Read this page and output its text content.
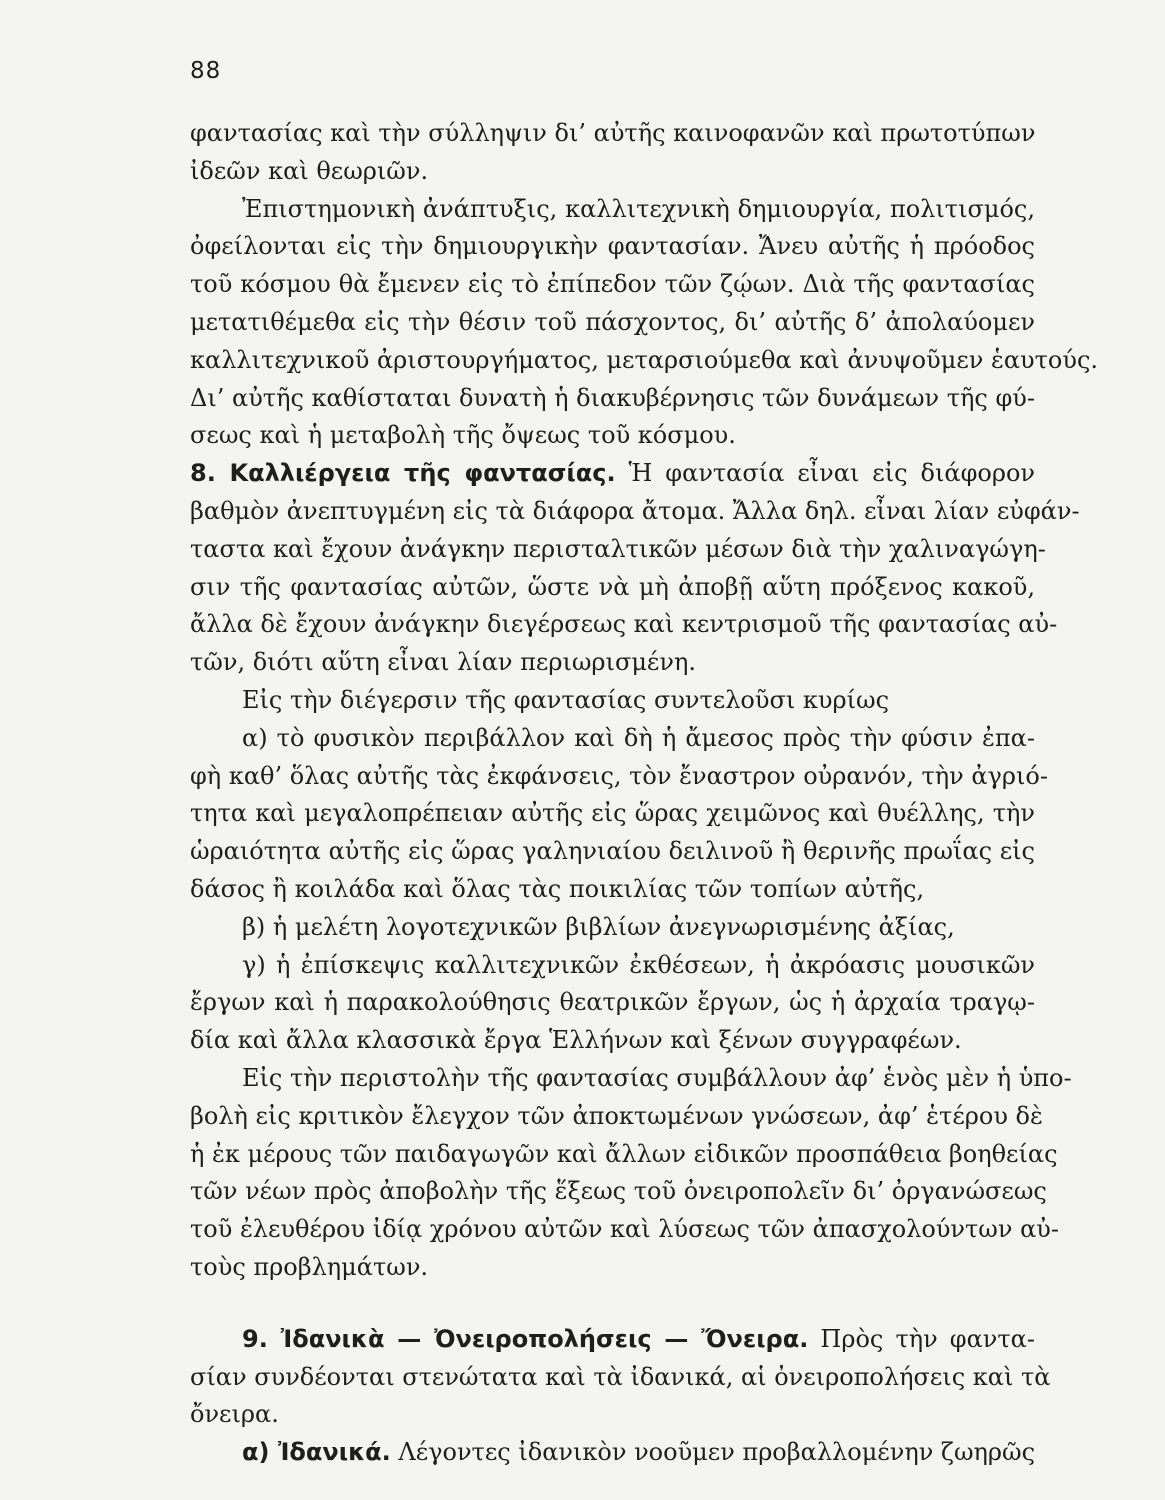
88
φαντασίας καὶ τὴν σύλληψιν δι’ αὐτῆς καινοφανῶν καὶ πρωτοτύπων
ἰδεῶν καὶ θεωριῶν.
Ἐπιστημονικὴ ἀνάπτυξις, καλλιτεχνικὴ δημιουργία, πολιτισμός,
ὀφείλονται εἰς τὴν δημιουργικὴν φαντασίαν. Ἄνευ αὐτῆς ἡ πρόοδος
τοῦ κόσμου θὰ ἔμενεν εἰς τὸ ἐπίπεδον τῶν ζῴων. Διὰ τῆς φαντασίας
μετατιθέμεθα εἰς τὴν θέσιν τοῦ πάσχοντος, δι’ αὐτῆς δ’ ἀπολαύομεν
καλλιτεχνικοῦ ἀριστουργήματος, μεταρσιούμεθα καὶ ἀνυψοῦμεν ἑαυτούς.
Δι’ αὐτῆς καθίσταται δυνατὴ ἡ διακυβέρνησις τῶν δυνάμεων τῆς φύ-
σεως καὶ ἡ μεταβολὴ τῆς ὄψεως τοῦ κόσμου.
8. Καλλιέργεια τῆς φαντασίας. Ἡ φαντασία εἶναι εἰς διάφορον
βαθμὸν ἀνεπτυγμένη εἰς τὰ διάφορα ἄτομα. Ἄλλα δηλ. εἶναι λίαν εὐφάν-
ταστα καὶ ἔχουν ἀνάγκην περισταλτικῶν μέσων διὰ τὴν χαλιναγώγη-
σιν τῆς φαντασίας αὐτῶν, ὥστε νὰ μὴ ἀποβῇ αὕτη πρόξενος κακοῦ,
ἄλλα δὲ ἔχουν ἀνάγκην διεγέρσεως καὶ κεντρισμοῦ τῆς φαντασίας αὐ-
τῶν, διότι αὕτη εἶναι λίαν περιωρισμένη.
Εἰς τὴν διέγερσιν τῆς φαντασίας συντελοῦσι κυρίως
α) τὸ φυσικὸν περιβάλλον καὶ δὴ ἡ ἄμεσος πρὸς τὴν φύσιν ἐπα-
φὴ καθ’ ὅλας αὐτῆς τὰς ἐκφάνσεις, τὸν ἔναστρον οὐρανόν, τὴν ἀγριό-
τητα καὶ μεγαλοπρέπειαν αὐτῆς εἰς ὥρας χειμῶνος καὶ θυέλλης, τὴν
ὡραιότητα αὐτῆς εἰς ὥρας γαληνιαίου δειλινοῦ ἢ θερινῆς πρωΐας εἰς
δάσος ἢ κοιλάδα καὶ ὅλας τὰς ποικιλίας τῶν τοπίων αὐτῆς,
β) ἡ μελέτη λογοτεχνικῶν βιβλίων ἀνεγνωρισμένης ἀξίας,
γ) ἡ ἐπίσκεψις καλλιτεχνικῶν ἐκθέσεων, ἡ ἀκρόασις μουσικῶν
ἔργων καὶ ἡ παρακολούθησις θεατρικῶν ἔργων, ὡς ἡ ἀρχαία τραγῳ-
δία καὶ ἄλλα κλασσικὰ ἔργα Ἑλλήνων καὶ ξένων συγγραφέων.
Εἰς τὴν περιστολὴν τῆς φαντασίας συμβάλλουν ἀφ’ ἑνὸς μὲν ἡ ὑπο-
βολὴ εἰς κριτικὸν ἔλεγχον τῶν ἀποκτωμένων γνώσεων, ἀφ’ ἑτέρου δὲ
ἡ ἐκ μέρους τῶν παιδαγωγῶν καὶ ἄλλων εἰδικῶν προσπάθεια βοηθείας
τῶν νέων πρὸς ἀποβολὴν τῆς ἕξεως τοῦ ὀνειροπολεῖν δι’ ὀργανώσεως
τοῦ ἐλευθέρου ἰδίᾳ χρόνου αὐτῶν καὶ λύσεως τῶν ἀπασχολούντων αὐ-
τοὺς προβλημάτων.
9. Ἰδανικὰ — Ὀνειροπολήσεις — Ὄνειρα. Πρὸς τὴν φαντα-
σίαν συνδέονται στενώτατα καὶ τὰ ἰδανικά, αἱ ὀνειροπολήσεις καὶ τὰ
ὄνειρα.
α) Ἰδανικά. Λέγοντες ἰδανικὸν νοοῦμεν προβαλλομένην ζωηρῶς
